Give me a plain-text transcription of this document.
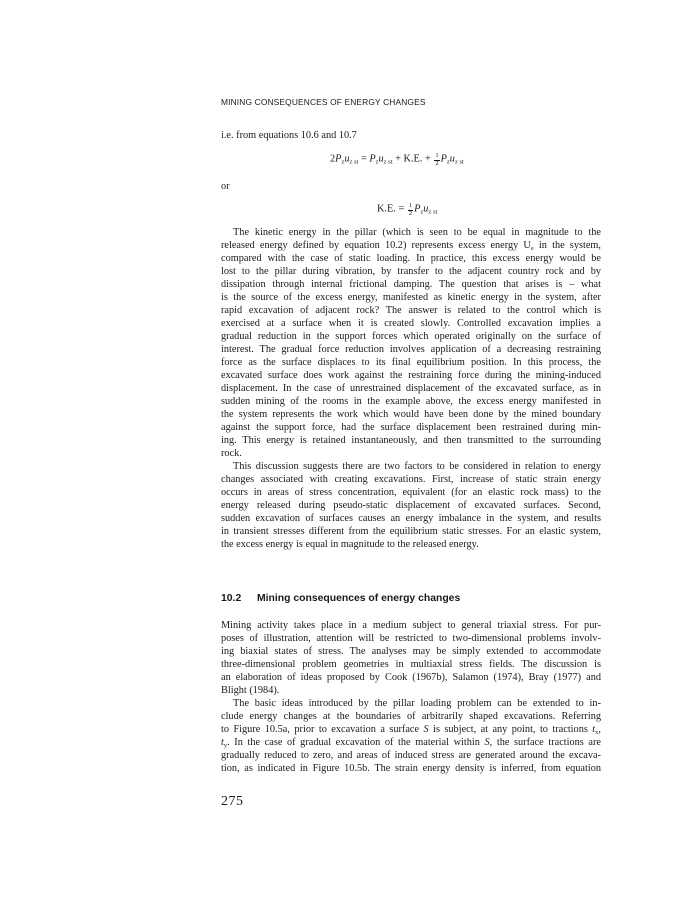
MINING CONSEQUENCES OF ENERGY CHANGES
i.e. from equations 10.6 and 10.7
$2P_zu_{z st} = P_zu_{z st} + K.E$. + $\frac{1}{2} P_zu_{z st}$
or
K.E. = $\frac{1}{2} P_zu_{z st}$
The kinetic energy in the pillar (which is seen to be equal in magnitude to the
released energy defined by equation 10.2) represents excess energy $U_e$ in the system,
compared with the case of static loading. In practice, this excess energy would be
lost to the pillar during vibration, by transfer to the adjacent country rock and by
dissipation through internal frictional damping. The question that arises is – what
is the source of the excess energy, manifested as kinetic energy in the system, after
rapid excavation of adjacent rock? The answer is related to the control which is
exercised at a surface when it is created slowly. Controlled excavation implies a
gradual reduction in the support forces which operated originally on the surface of
interest. The gradual force reduction involves application of a decreasing restraining
force as the surface displaces to its final equilibrium position. In this process, the
excavated surface does work against the restraining force during the mining-induced
displacement. In the case of unrestrained displacement of the excavated surface, as in
sudden mining of the rooms in the example above, the excess energy manifested in
the system represents the work which would have been done by the mined boundary
against the support force, had the surface displacement been restrained during min-
ing. This energy is retained instantaneously, and then transmitted to the surrounding
rock.
This discussion suggests there are two factors to be considered in relation to energy
changes associated with creating excavations. First, increase of static strain energy
occurs in areas of stress concentration, equivalent (for an elastic rock mass) to the
energy released during pseudo-static displacement of excavated surfaces. Second,
sudden excavation of surfaces causes an energy imbalance in the system, and results
in transient stresses different from the equilibrium static stresses. For an elastic system,
the excess energy is equal in magnitude to the released energy.
10.2 Mining consequences of energy changes
Mining activity takes place in a medium subject to general triaxial stress. For pur-
poses of illustration, attention will be restricted to two-dimensional problems involv-
ing biaxial states of stress. The analyses may be simply extended to accommodate
three-dimensional problem geometries in multiaxial stress fields. The discussion is
an elaboration of ideas proposed by Cook (1967b), Salamon (1974), Bray (1977) and
Blight (1984).
The basic ideas introduced by the pillar loading problem can be extended to in-
clude energy changes at the boundaries of arbitrarily shaped excavations. Referring
to Figure 10.5a, prior to excavation a surface S is subject, at any point, to tractions $t_x$,
$t_y$. In the case of gradual excavation of the material within S, the surface tractions are
gradually reduced to zero, and areas of induced stress are generated around the excava-
tion, as indicated in Figure 10.5b. The strain energy density is inferred, from equation
275
